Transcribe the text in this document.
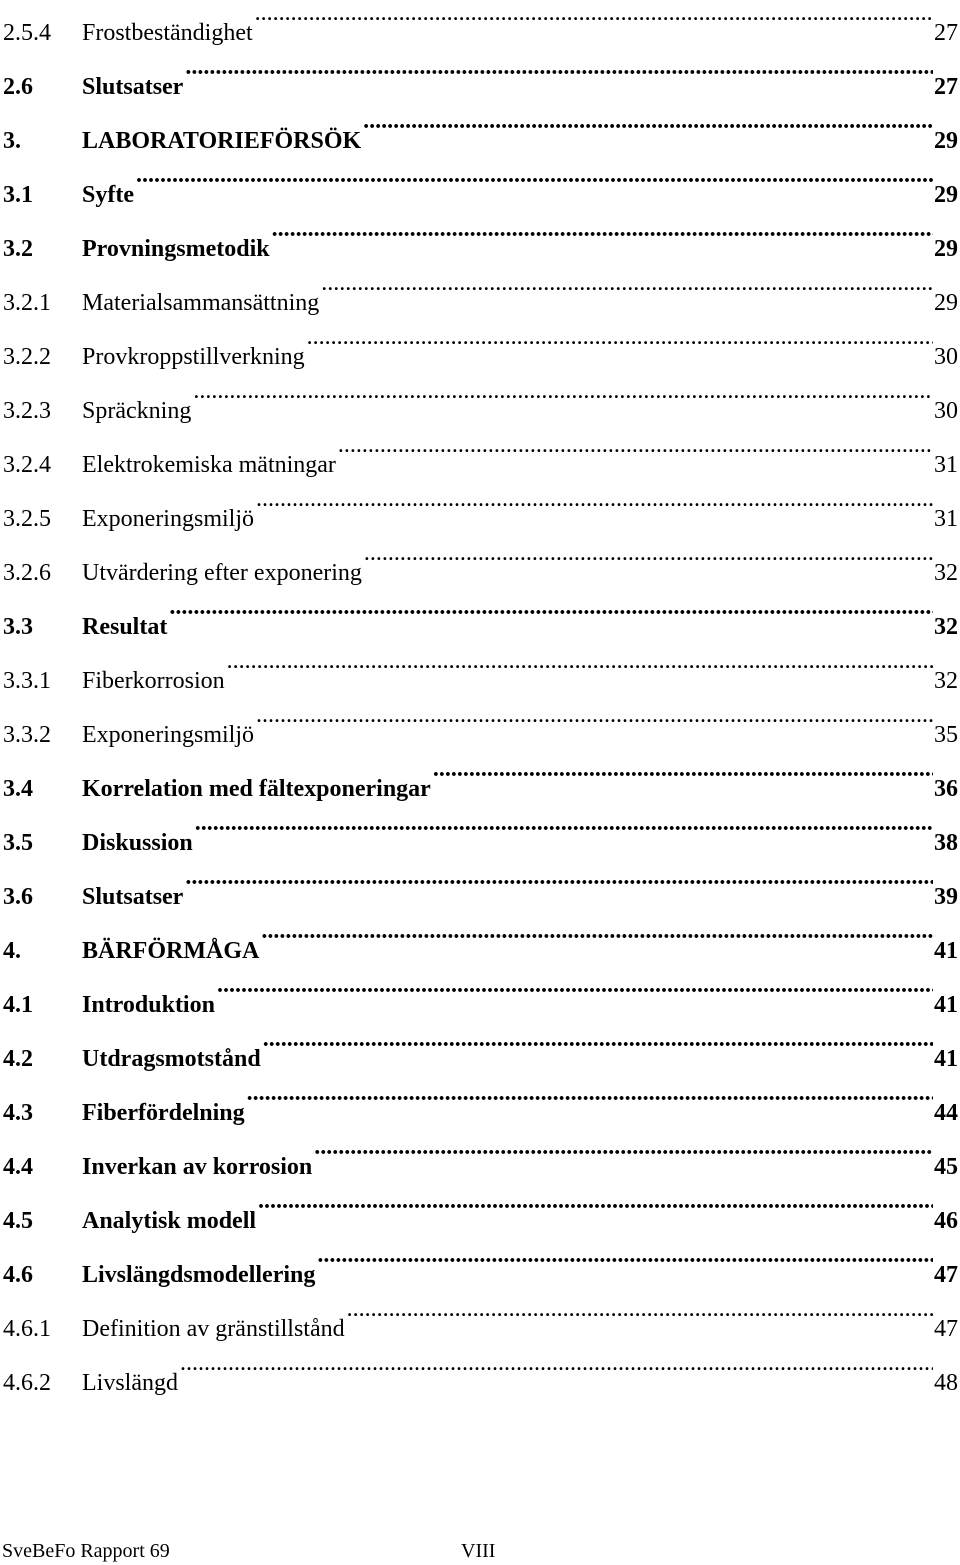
2.5.4	Frostbeständighet .....	27
2.6	Slutsatser .....	27
3.	LABORATORIEFÖRSÖK .....	29
3.1	Syfte .....	29
3.2	Provningsmetodik .....	29
3.2.1	Materialsammansättning .....	29
3.2.2	Provkroppstillverkning .....	30
3.2.3	Spräckning .....	30
3.2.4	Elektrokemiska mätningar .....	31
3.2.5	Exponeringsmiljö .....	31
3.2.6	Utvärdering efter exponering .....	32
3.3	Resultat .....	32
3.3.1	Fiberkorrosion .....	32
3.3.2	Exponeringsmiljö .....	35
3.4	Korrelation med fältexponeringar .....	36
3.5	Diskussion .....	38
3.6	Slutsatser .....	39
4.	BÄRFÖRMÅGA .....	41
4.1	Introduktion .....	41
4.2	Utdragsmotstånd .....	41
4.3	Fiberfördelning .....	44
4.4	Inverkan av korrosion .....	45
4.5	Analytisk modell .....	46
4.6	Livslängdsmodellering .....	47
4.6.1	Definition av gränstillstånd .....	47
4.6.2	Livslängd .....	48
SveBeFo Rapport 69	VIII
